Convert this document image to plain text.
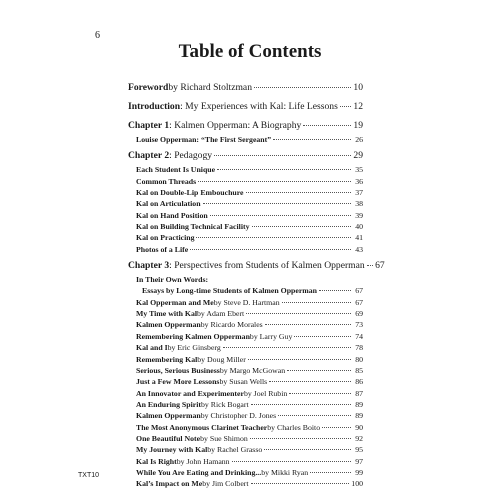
6
Table of Contents
Foreword by Richard Stoltzman	10
Introduction : My Experiences with Kal: Life Lessons 12
Chapter 1 : Kalmen Opperman: A Biography	19
Louise Opperman: “The First Sergeant”	26
Chapter 2 : Pedagogy	29
Each Student Is Unique	35
Common Threads	36
Kal on Double-Lip Embouchure	37
Kal on Articulation	38
Kal on Hand Position	39
Kal on Building Technical Facility	40
Kal on Practicing	41
Photos of a Life	43
Chapter 3 : Perspectives from Students of Kalmen Opperman 67
In Their Own Words:
Essays by Long-time Students of Kalmen Opperman	67
Kal Opperman and Me by Steve D. Hartman	67
My Time with Kal by Adam Ebert	69
Kalmen Opperman by Ricardo Morales	73
Remembering Kalmen Opperman by Larry Guy	74
Kal and I by Eric Ginsberg	78
Remembering Kal by Doug Miller	80
Serious, Serious Business by Margo McGowan	85
Just a Few More Lessons by Susan Wells	86
An Innovator and Experimenter by Joel Rubin	87
An Enduring Spirit by Rick Bogart	89
Kalmen Opperman by Christopher D. Jones	89
The Most Anonymous Clarinet Teacher by Charles Boito	90
One Beautiful Note by Sue Shimon	92
My Journey with Kal by Rachel Grasso	95
Kal Is Right by John Hamann	97
While You Are Eating and Drinking... by Mikki Ryan	99
Kal’s Impact on Me by Jim Colbert	100
TXT10
